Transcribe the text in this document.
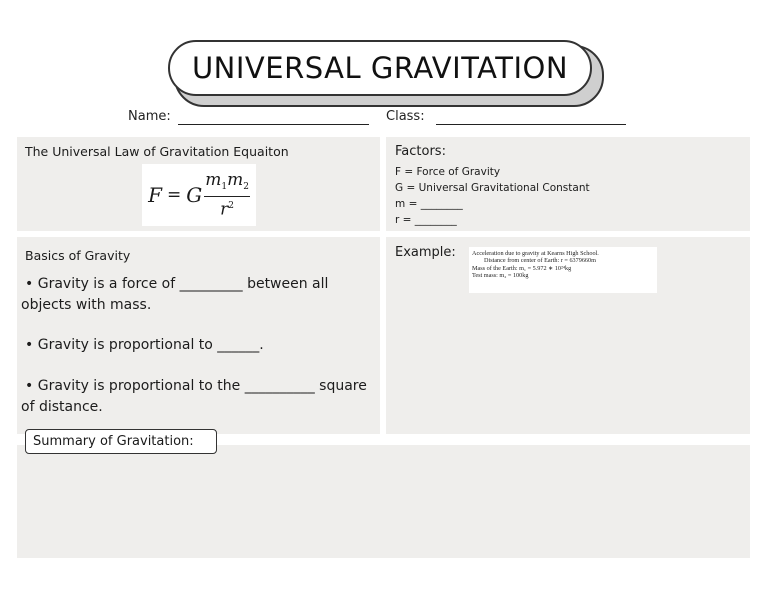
UNIVERSAL GRAVITATION
Name:	Class:
The Universal Law of Gravitation Equaiton
F = G $\frac{m_1m_2}{r^2}$
Factors:
F = Force of Gravity
G = Universal Gravitational Constant
m = ________
r = ________
Basics of Gravity
• Gravity is a force of _________ between all objects with mass.
• Gravity is proportional to ______.
• Gravity is proportional to the __________ square of distance.
Example:	Acceleration due to gravity at Kearns High School.
Distance from center of Earth: r = 6379660m
Mass of the Earth: m₁ = 5.972 ∗ 10²⁴kg
Test mass: m₂ = 100kg
Summary of Gravitation:
